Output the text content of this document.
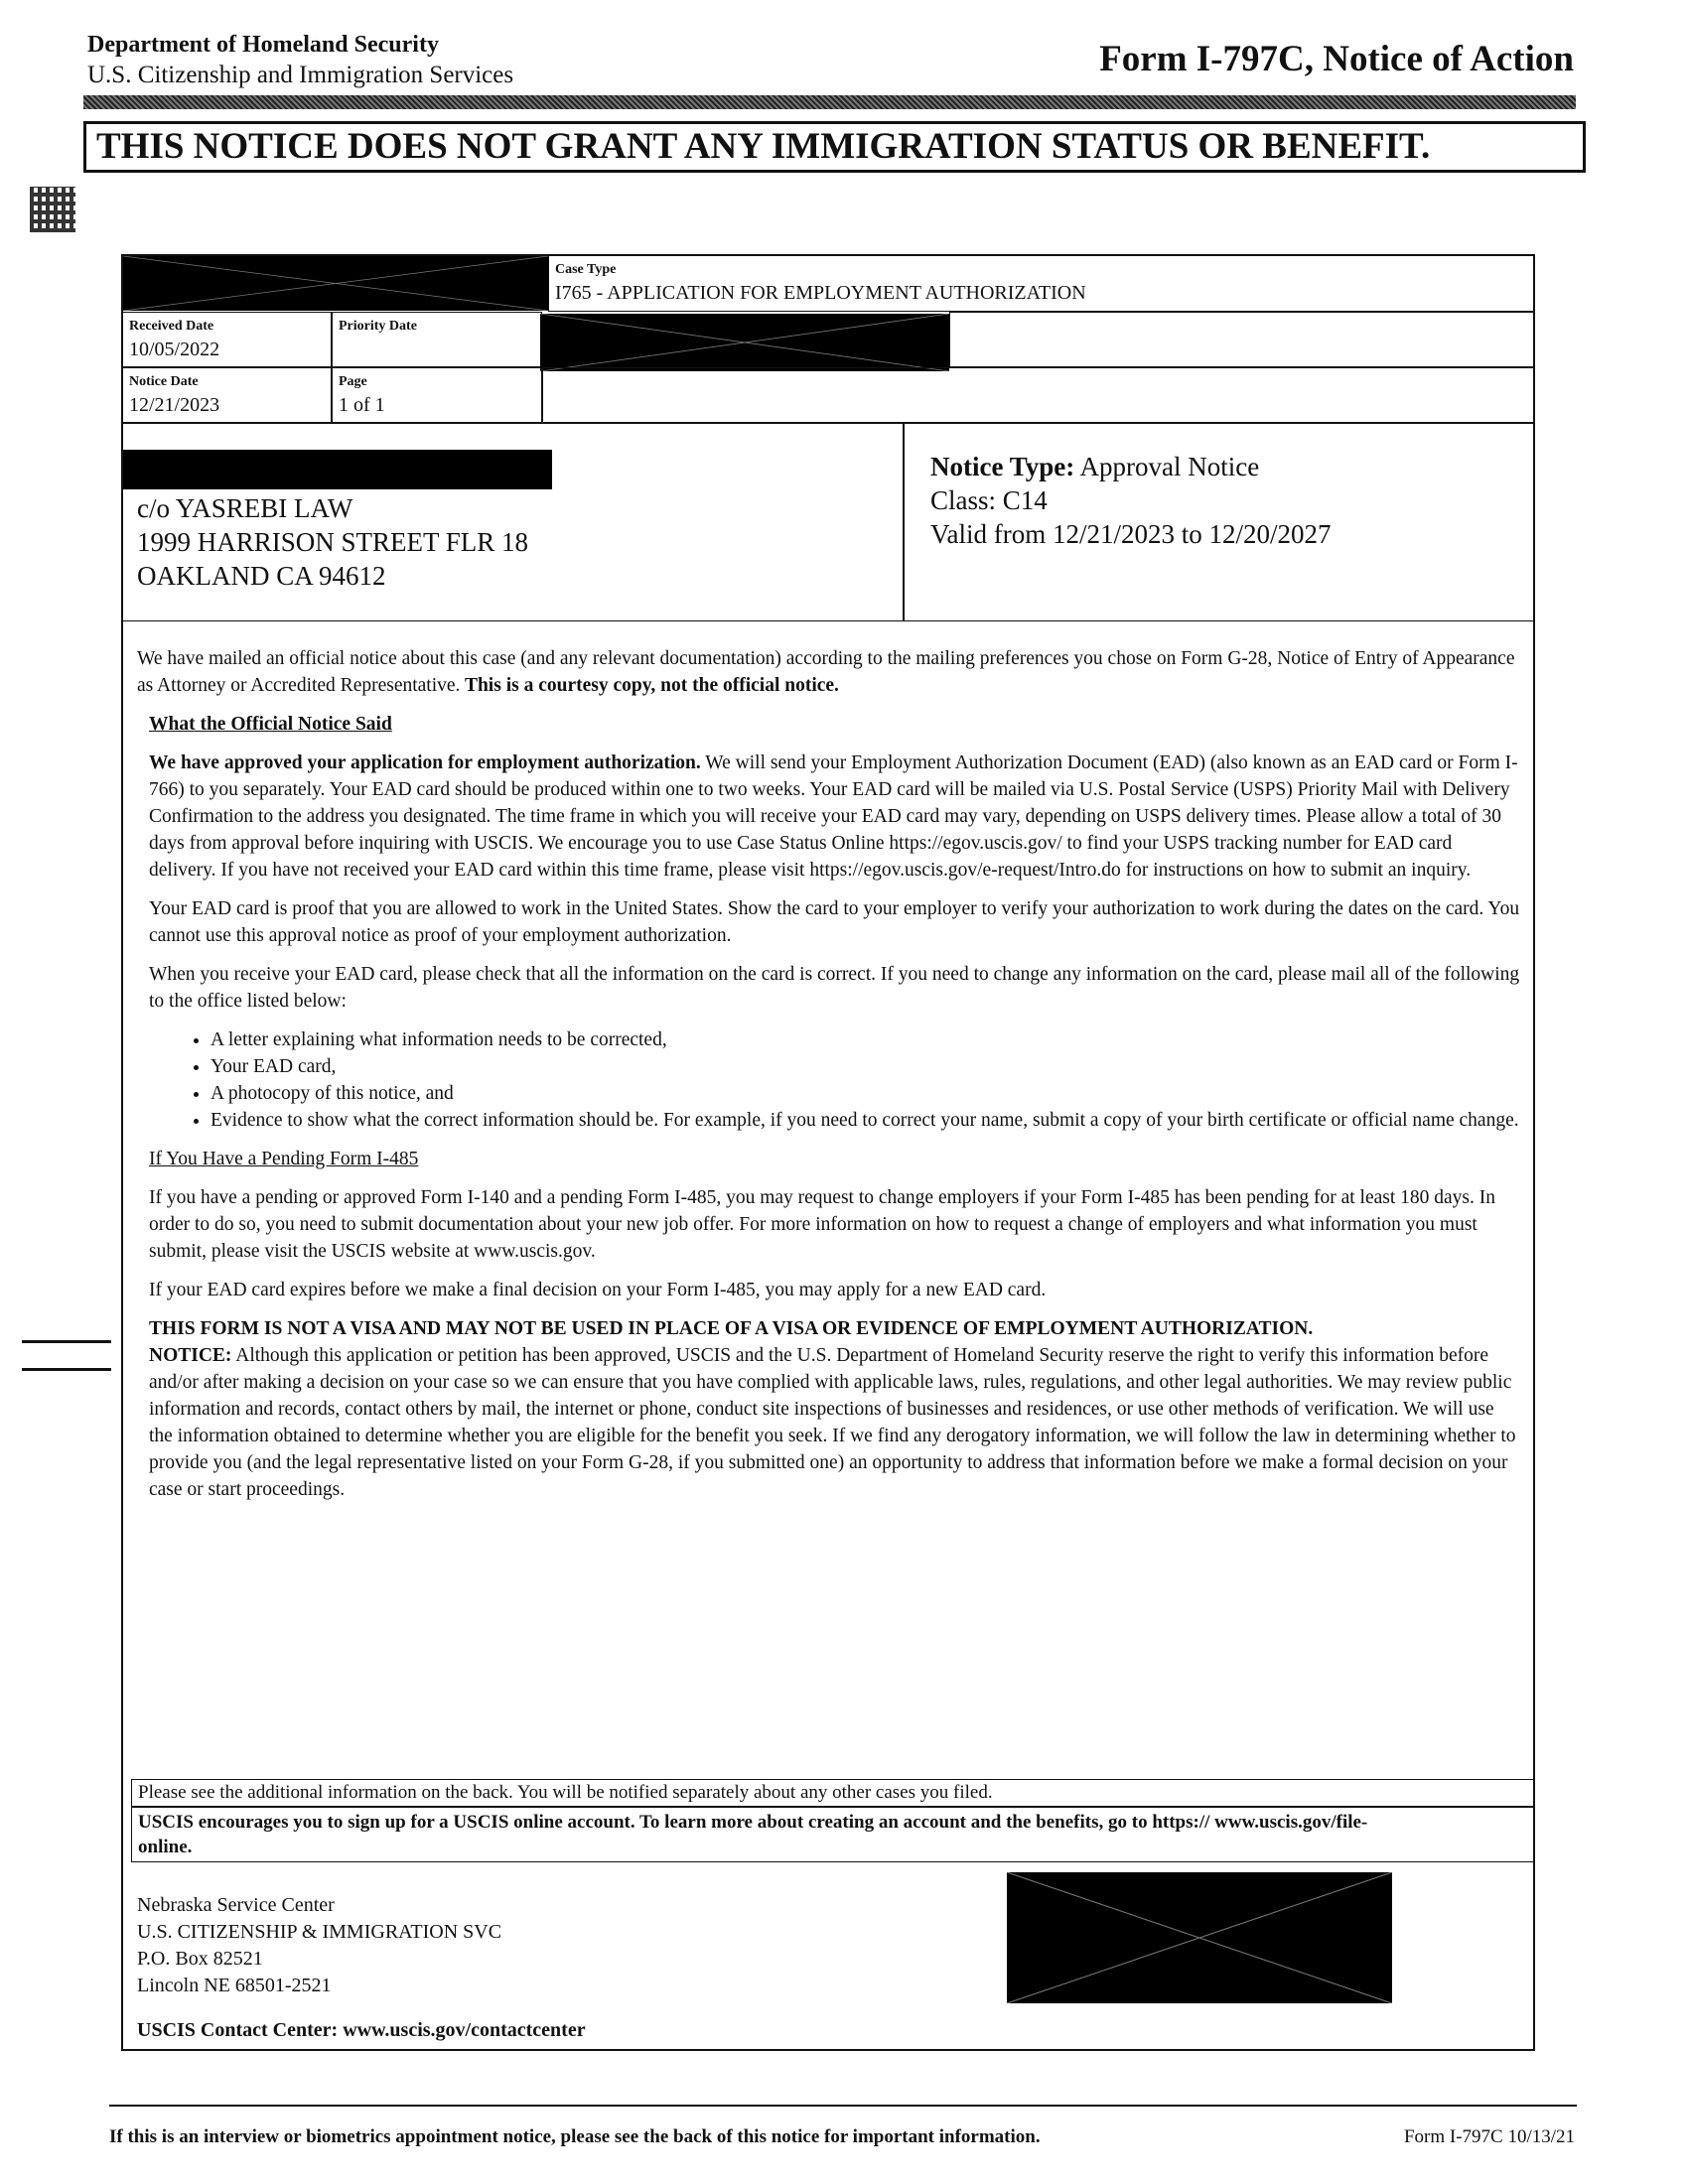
Department of Homeland Security
U.S. Citizenship and Immigration Services	Form I-797C, Notice of Action
THIS NOTICE DOES NOT GRANT ANY IMMIGRATION STATUS OR BENEFIT.
Case Type
I765 - APPLICATION FOR EMPLOYMENT AUTHORIZATION
Received Date
10/05/2022
Priority Date
Notice Date
12/21/2023
Page
1 of 1
c/o YASREBI LAW
1999 HARRISON STREET FLR 18
OAKLAND CA 94612
Notice Type: Approval Notice
Class: C14
Valid from 12/21/2023 to 12/20/2027

We have mailed an official notice about this case (and any relevant documentation) according to the mailing preferences you chose on Form G-28, Notice of Entry of Appearance as Attorney or Accredited Representative. This is a courtesy copy, not the official notice.

What the Official Notice Said

We have approved your application for employment authorization. We will send your Employment Authorization Document (EAD) (also known as an EAD card or Form I-766) to you separately. Your EAD card should be produced within one to two weeks. Your EAD card will be mailed via U.S. Postal Service (USPS) Priority Mail with Delivery Confirmation to the address you designated. The time frame in which you will receive your EAD card may vary, depending on USPS delivery times. Please allow a total of 30 days from approval before inquiring with USCIS. We encourage you to use Case Status Online https://egov.uscis.gov/ to find your USPS tracking number for EAD card delivery. If you have not received your EAD card within this time frame, please visit https://egov.uscis.gov/e-request/Intro.do for instructions on how to submit an inquiry.

Your EAD card is proof that you are allowed to work in the United States. Show the card to your employer to verify your authorization to work during the dates on the card. You cannot use this approval notice as proof of your employment authorization.

When you receive your EAD card, please check that all the information on the card is correct. If you need to change any information on the card, please mail all of the following to the office listed below:

• A letter explaining what information needs to be corrected,
• Your EAD card,
• A photocopy of this notice, and
• Evidence to show what the correct information should be. For example, if you need to correct your name, submit a copy of your birth certificate or official name change.
If You Have a Pending Form I-485

If you have a pending or approved Form I-140 and a pending Form I-485, you may request to change employers if your Form I-485 has been pending for at least 180 days. In order to do so, you need to submit documentation about your new job offer. For more information on how to request a change of employers and what information you must submit, please visit the USCIS website at www.uscis.gov.

If your EAD card expires before we make a final decision on your Form I-485, you may apply for a new EAD card.

THIS FORM IS NOT A VISA AND MAY NOT BE USED IN PLACE OF A VISA OR EVIDENCE OF EMPLOYMENT AUTHORIZATION.

NOTICE: Although this application or petition has been approved, USCIS and the U.S. Department of Homeland Security reserve the right to verify this information before and/or after making a decision on your case so we can ensure that you have complied with applicable laws, rules, regulations, and other legal authorities. We may review public information and records, contact others by mail, the internet or phone, conduct site inspections of businesses and residences, or use other methods of verification. We will use the information obtained to determine whether you are eligible for the benefit you seek. If we find any derogatory information, we will follow the law in determining whether to provide you (and the legal representative listed on your Form G-28, if you submitted one) an opportunity to address that information before we make a formal decision on your case or start proceedings.

Please see the additional information on the back. You will be notified separately about any other cases you filed.
USCIS encourages you to sign up for a USCIS online account. To learn more about creating an account and the benefits, go to https:// www.uscis.gov/file-online.
Nebraska Service Center
U.S. CITIZENSHIP & IMMIGRATION SVC
P.O. Box 82521
Lincoln NE 68501-2521
USCIS Contact Center: www.uscis.gov/contactcenter
If this is an interview or biometrics appointment notice, please see the back of this notice for important information.	Form I-797C 10/13/21
